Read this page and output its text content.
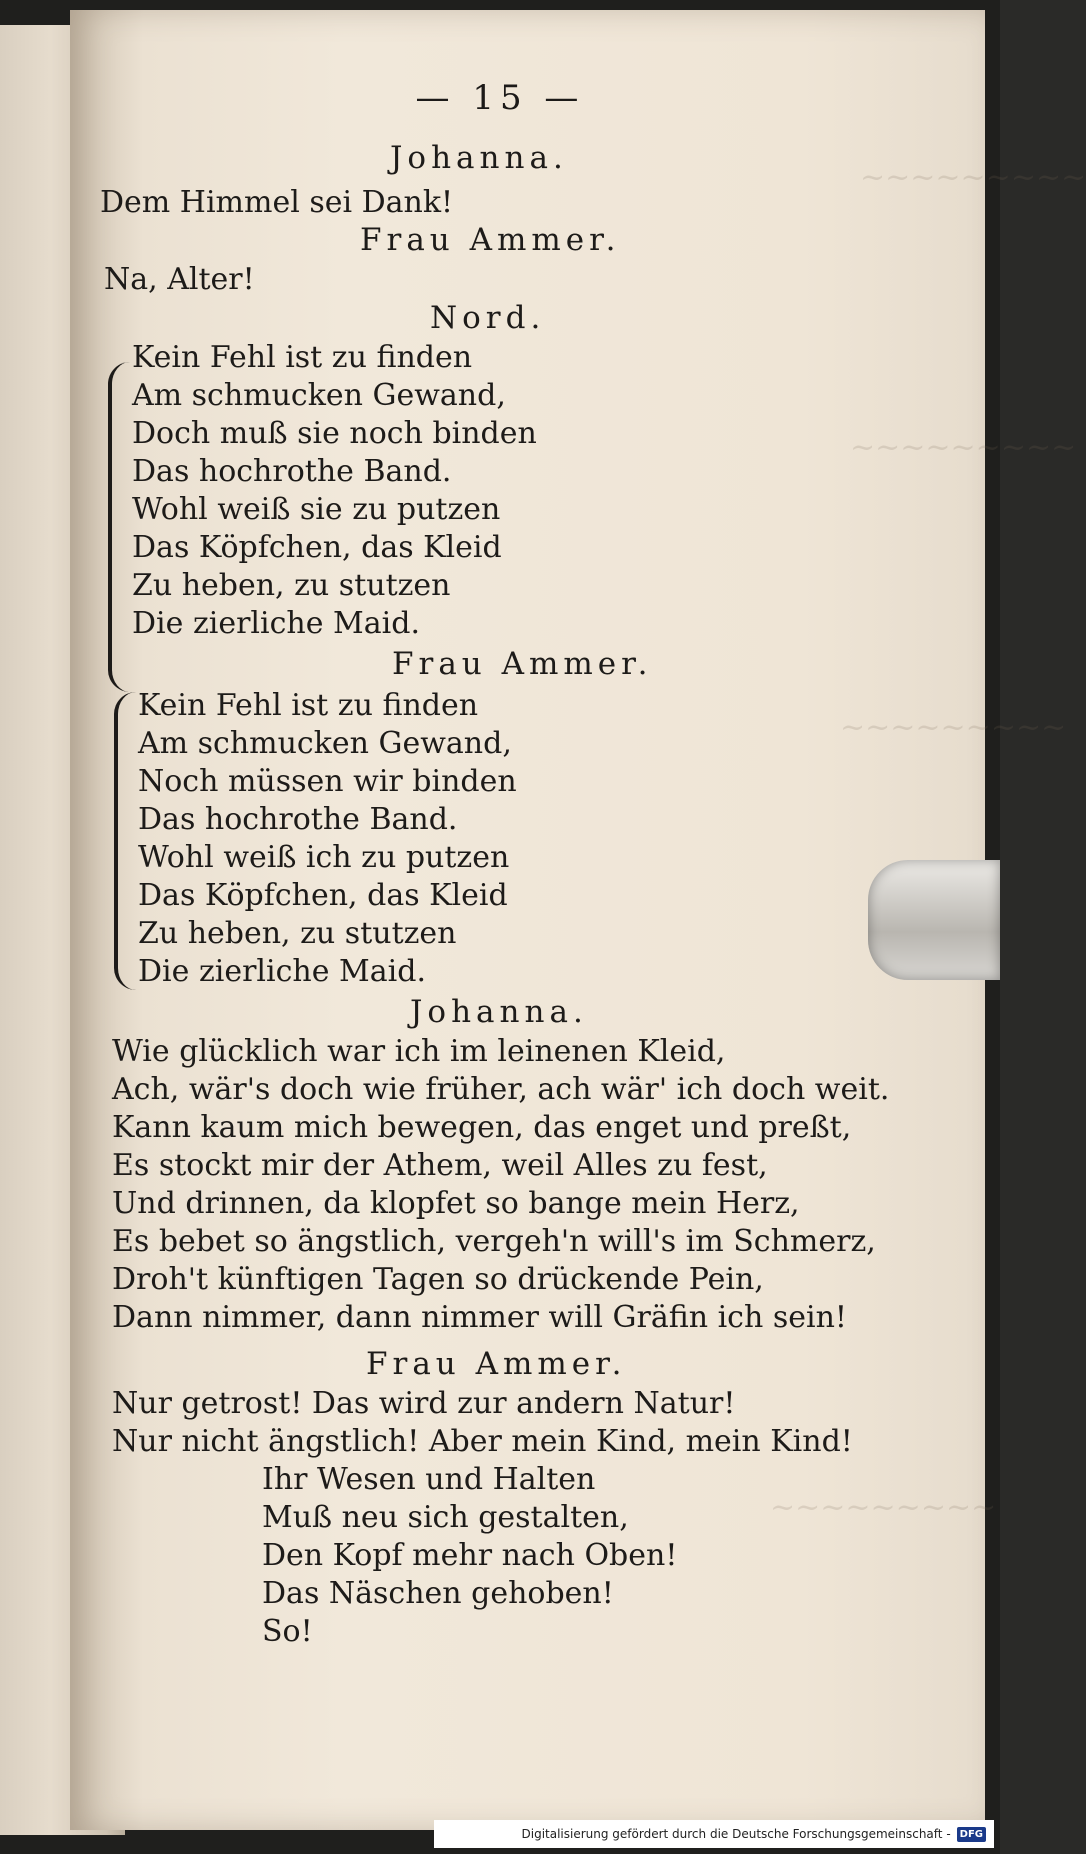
~~~~~~~~~
~~~~~~~~~
~~~~~~~~~
~~~~~~~~~
— 15 —
Johanna.
Dem Himmel sei Dank!
Frau Ammer.
Na, Alter!
Nord.
Kein Fehl ist zu finden
Am schmucken Gewand,
Doch muß sie noch binden
Das hochrothe Band.
Wohl weiß sie zu putzen
Das Köpfchen, das Kleid
Zu heben, zu stutzen
Die zierliche Maid.
Frau Ammer.
Kein Fehl ist zu finden
Am schmucken Gewand,
Noch müssen wir binden
Das hochrothe Band.
Wohl weiß ich zu putzen
Das Köpfchen, das Kleid
Zu heben, zu stutzen
Die zierliche Maid.
Johanna.
Wie glücklich war ich im leinenen Kleid,
Ach, wär's doch wie früher, ach wär' ich doch weit.
Kann kaum mich bewegen, das enget und preßt,
Es stockt mir der Athem, weil Alles zu fest,
Und drinnen, da klopfet so bange mein Herz,
Es bebet so ängstlich, vergeh'n will's im Schmerz,
Droh't künftigen Tagen so drückende Pein,
Dann nimmer, dann nimmer will Gräfin ich sein!
Frau Ammer.
Nur getrost! Das wird zur andern Natur!
Nur nicht ängstlich! Aber mein Kind, mein Kind!
Ihr Wesen und Halten
Muß neu sich gestalten,
Den Kopf mehr nach Oben!
Das Näschen gehoben!
So!
Digitalisierung gefördert durch die Deutsche Forschungsgemeinschaft - DFG
